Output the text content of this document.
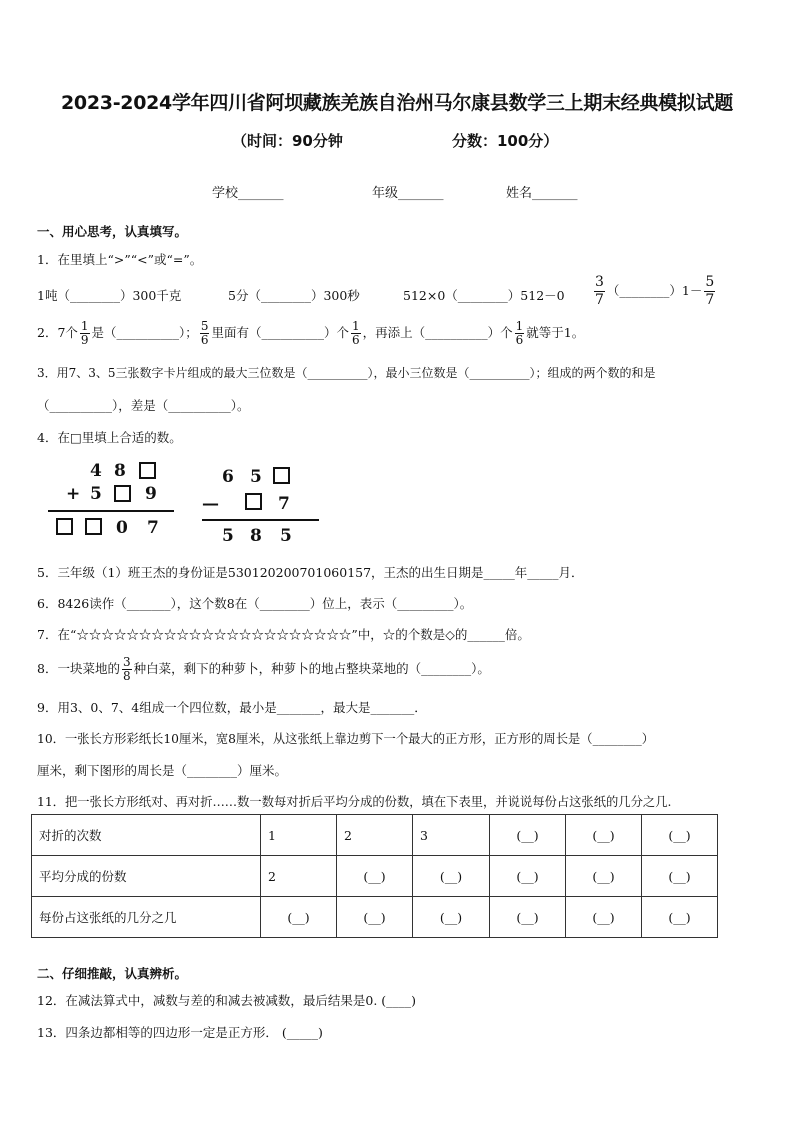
2023-2024学年四川省阿坝藏族羌族自治州马尔康县数学三上期末经典模拟试题
（时间：90分钟	分数：100分）
学校_______	年级_______	姓名_______
一、用心思考，认真填写。
1．在里填上“>”“<”或“=”。
1吨（________）300千克	5分（________）300秒	512×0（________）512－0 $\frac{3}{7}$ （________）1－ $\frac{5}{7}$
2．7个 $\frac{1}{9}$ 是（__________）； $\frac{5}{6}$ 里面有（__________）个 $\frac{1}{6}$ ，再添上（__________）个 $\frac{1}{6}$ 就等于1。
3．用7、3、5三张数字卡片组成的最大三位数是（__________），最小三位数是（__________）；组成的两个数的和是
（__________），差是（__________）。
4．在□里填上合适的数。
4 8
+ 5	9
0 7
6 5
—	7
5 8 5
5．三年级（1）班王杰的身份证是530120200701060157，王杰的出生日期是_____年_____月．
6．8426读作（_______），这个数8在（________）位上，表示（_________）。
7．在“☆☆☆☆☆☆☆☆☆☆☆☆☆☆☆☆☆☆☆☆☆☆”中，☆的个数是◇的______倍。
8．一块菜地的 $\frac{3}{8}$ 种白菜，剩下的种萝卜，种萝卜的地占整块菜地的（________）。
9．用3、0、7、4组成一个四位数，最小是_______，最大是_______．
10．一张长方形彩纸长10厘米，宽8厘米，从这张纸上靠边剪下一个最大的正方形，正方形的周长是（________）
厘米，剩下图形的周长是（________）厘米。
11．把一张长方形纸对、再对折……数一数每对折后平均分成的份数，填在下表里，并说说每份占这张纸的几分之几.
对折的次数	1	2	3	(__)	(__)	(__)
平均分成的份数	2	(__)	(__)	(__)	(__)	(__)
每份占这张纸的几分之几	(__)	(__)	(__)	(__)	(__)	(__)
二、仔细推敲，认真辨析。
12．在减法算式中，减数与差的和减去被减数，最后结果是0. (____)
13．四条边都相等的四边形一定是正方形． (_____)
